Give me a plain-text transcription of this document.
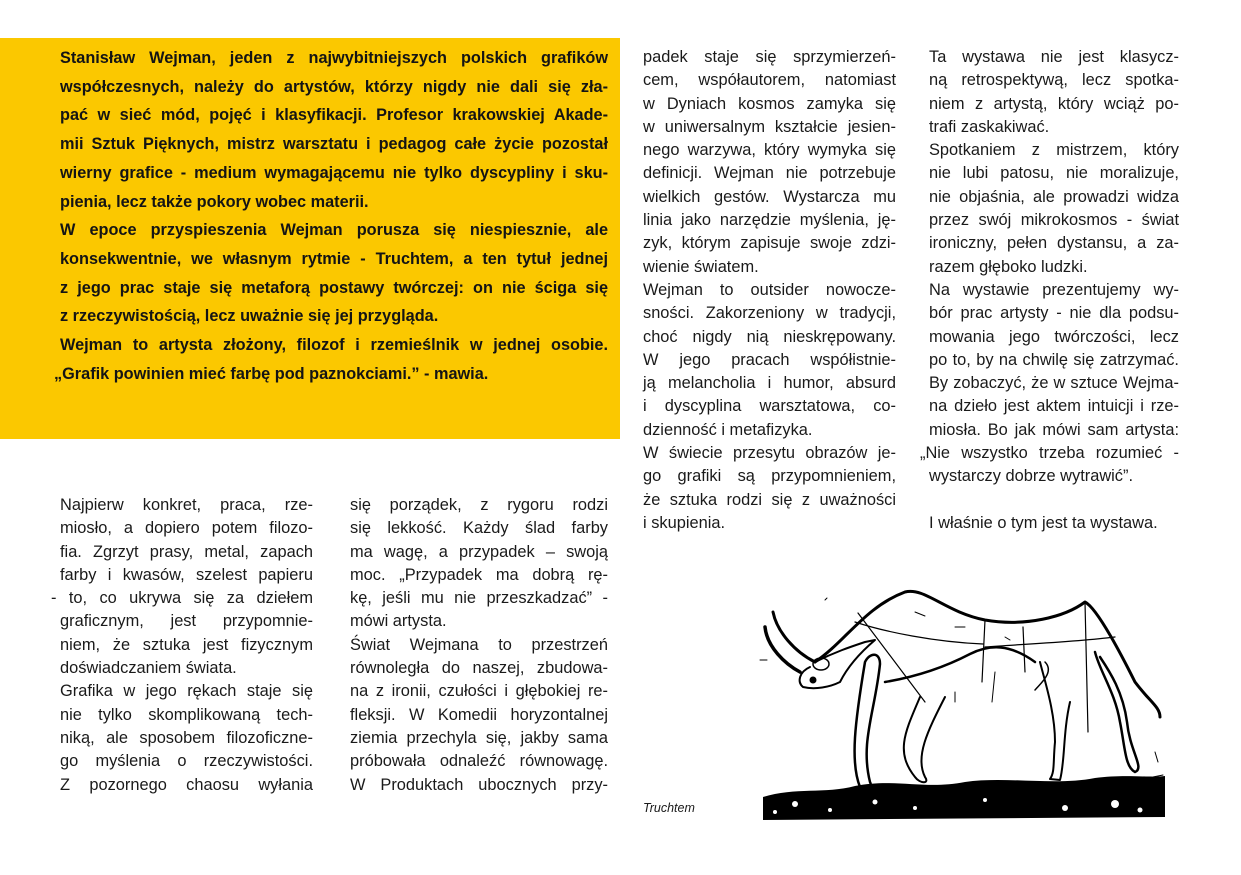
Stanisław Wejman, jeden z najwybitniejszych polskich grafików
współczesnych, należy do artystów, którzy nigdy nie dali się zła-
pać w sieć mód, pojęć i klasyfikacji. Profesor krakowskiej Akade-
mii Sztuk Pięknych, mistrz warsztatu i pedagog całe życie pozostał
wierny grafice - medium wymagającemu nie tylko dyscypliny i sku-
pienia, lecz także pokory wobec materii.
W epoce przyspieszenia Wejman porusza się niespiesznie, ale
konsekwentnie, we własnym rytmie - Truchtem, a ten tytuł jednej
z jego prac staje się metaforą postawy twórczej: on nie ściga się
z rzeczywistością, lecz uważnie się jej przygląda.
Wejman to artysta złożony, filozof i rzemieślnik w jednej osobie.
„Grafik powinien mieć farbę pod paznokciami.” - mawia.
Najpierw konkret, praca, rze-
miosło, a dopiero potem filozo-
fia. Zgrzyt prasy, metal, zapach
farby i kwasów, szelest papieru
- to, co ukrywa się za dziełem
graficznym, jest przypomnie-
niem, że sztuka jest fizycznym
doświadczaniem świata.
Grafika w jego rękach staje się
nie tylko skomplikowaną tech-
niką, ale sposobem filozoficzne-
go myślenia o rzeczywistości.
Z pozornego chaosu wyłania
się porządek, z rygoru rodzi
się lekkość. Każdy ślad farby
ma wagę, a przypadek – swoją
moc. „Przypadek ma dobrą rę-
kę, jeśli mu nie przeszkadzać” -
mówi artysta.
Świat Wejmana to przestrzeń
równoległa do naszej, zbudowa-
na z ironii, czułości i głębokiej re-
fleksji. W Komedii horyzontalnej
ziemia przechyla się, jakby sama
próbowała odnaleźć równowagę.
W Produktach ubocznych przy-
padek staje się sprzymierzeń-
cem, współautorem, natomiast
w Dyniach kosmos zamyka się
w uniwersalnym kształcie jesien-
nego warzywa, który wymyka się
definicji. Wejman nie potrzebuje
wielkich gestów. Wystarcza mu
linia jako narzędzie myślenia, ję-
zyk, którym zapisuje swoje zdzi-
wienie światem.
Wejman to outsider nowocze-
sności. Zakorzeniony w tradycji,
choć nigdy nią nieskrępowany.
W jego pracach współistnie-
ją melancholia i humor, absurd
i dyscyplina warsztatowa, co-
dzienność i metafizyka.
W świecie przesytu obrazów je-
go grafiki są przypomnieniem,
że sztuka rodzi się z uważności
i skupienia.
Ta wystawa nie jest klasycz-
ną retrospektywą, lecz spotka-
niem z artystą, który wciąż po-
trafi zaskakiwać.
Spotkaniem z mistrzem, który
nie lubi patosu, nie moralizuje,
nie objaśnia, ale prowadzi widza
przez swój mikrokosmos - świat
ironiczny, pełen dystansu, a za-
razem głęboko ludzki.
Na wystawie prezentujemy wy-
bór prac artysty - nie dla podsu-
mowania jego twórczości, lecz
po to, by na chwilę się zatrzymać.
By zobaczyć, że w sztuce Wejma-
na dzieło jest aktem intuicji i rze-
miosła. Bo jak mówi sam artysta:
„Nie wszystko trzeba rozumieć -
wystarczy dobrze wytrawić”.
I właśnie o tym jest ta wystawa.
Truchtem
